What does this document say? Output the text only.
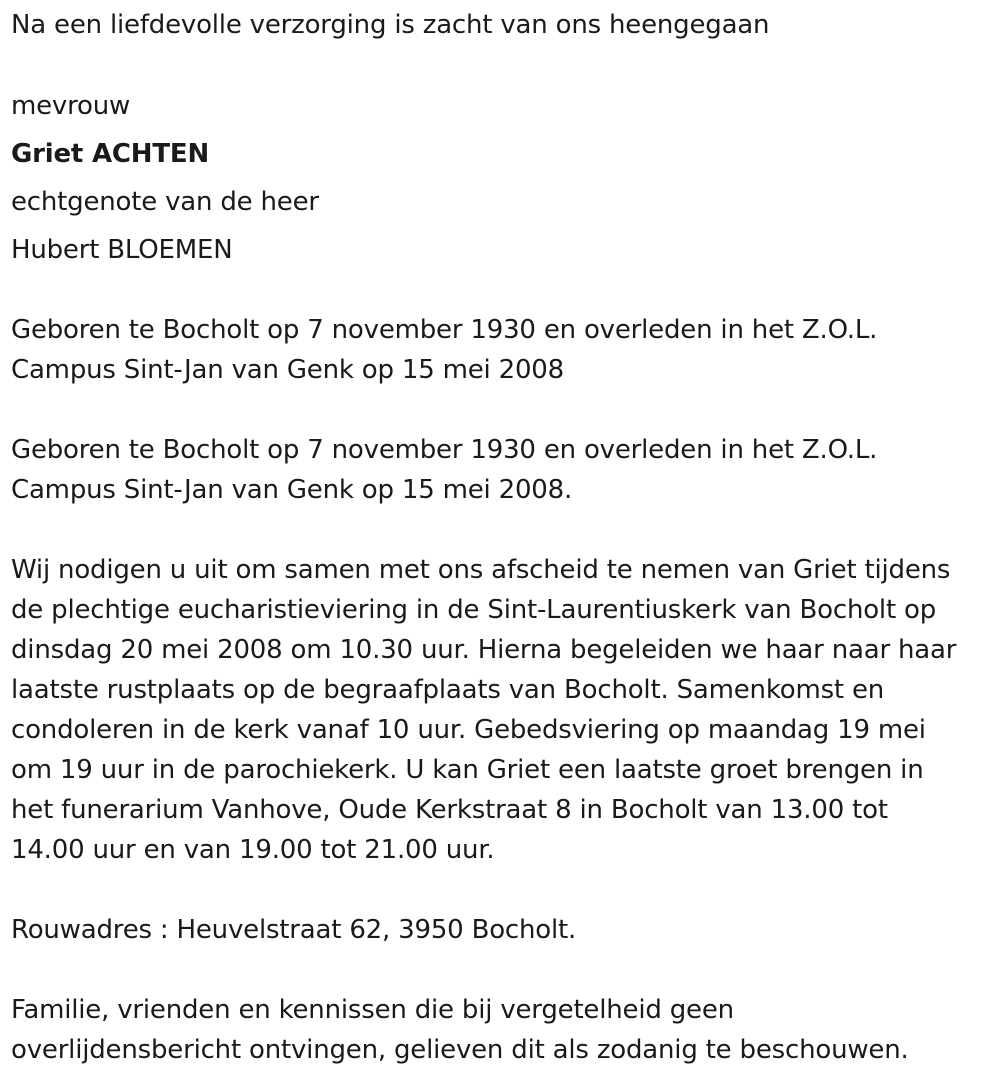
Na een liefdevolle verzorging is zacht van ons heengegaan

mevrouw

Griet ACHTEN

echtgenote van de heer

Hubert BLOEMEN

Geboren te Bocholt op 7 november 1930 en overleden in het Z.O.L.
Campus Sint-Jan van Genk op 15 mei 2008

Geboren te Bocholt op 7 november 1930 en overleden in het Z.O.L.
Campus Sint-Jan van Genk op 15 mei 2008.

Wij nodigen u uit om samen met ons afscheid te nemen van Griet tijdens
de plechtige eucharistieviering in de Sint-Laurentiuskerk van Bocholt op
dinsdag 20 mei 2008 om 10.30 uur. Hierna begeleiden we haar naar haar
laatste rustplaats op de begraafplaats van Bocholt. Samenkomst en
condoleren in de kerk vanaf 10 uur. Gebedsviering op maandag 19 mei
om 19 uur in de parochiekerk. U kan Griet een laatste groet brengen in
het funerarium Vanhove, Oude Kerkstraat 8 in Bocholt van 13.00 tot
14.00 uur en van 19.00 tot 21.00 uur.

Rouwadres : Heuvelstraat 62, 3950 Bocholt.

Familie, vrienden en kennissen die bij vergetelheid geen
overlijdensbericht ontvingen, gelieven dit als zodanig te beschouwen.
